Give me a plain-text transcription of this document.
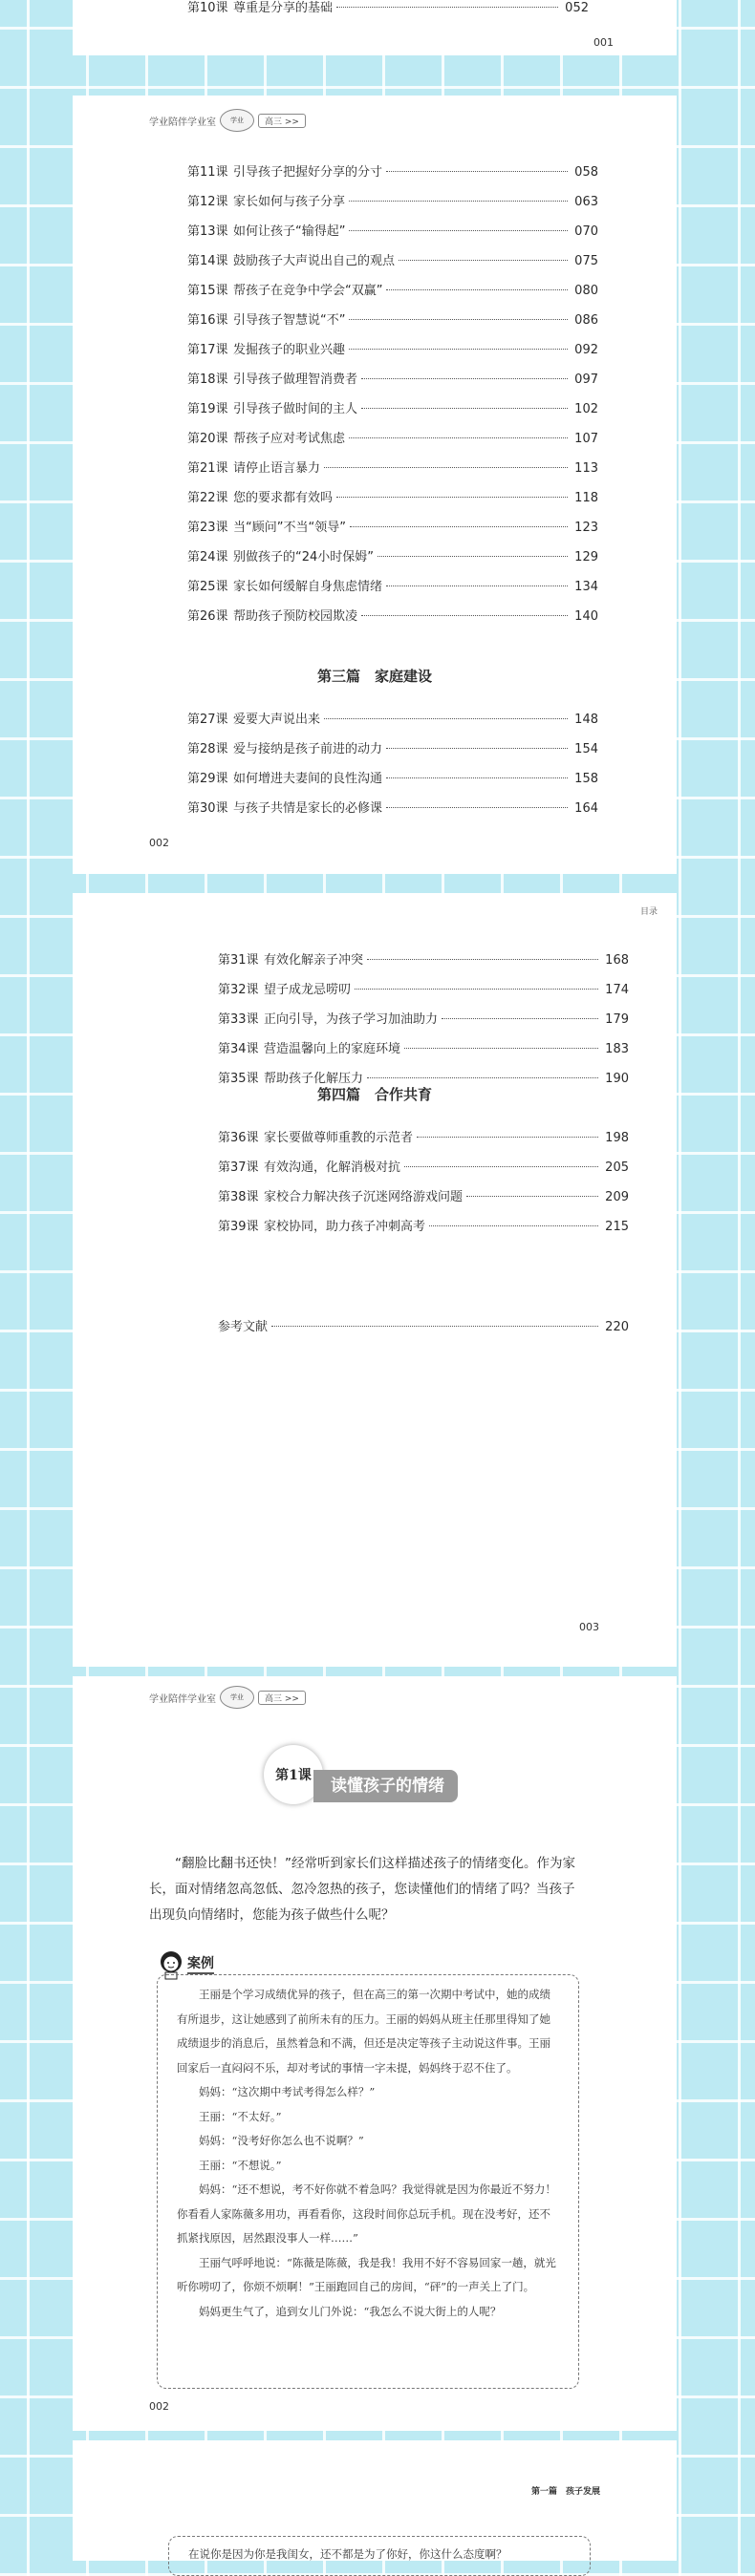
第10课 尊重是分享的基础	052
001
学业陪伴学业室	学业	高三 >>
第11课 引导孩子把握好分享的分寸	058
第12课 家长如何与孩子分享	063
第13课 如何让孩子“输得起”	070
第14课 鼓励孩子大声说出自己的观点	075
第15课 帮孩子在竞争中学会“双赢”	080
第16课 引导孩子智慧说“不”	086
第17课 发掘孩子的职业兴趣	092
第18课 引导孩子做理智消费者	097
第19课 引导孩子做时间的主人	102
第20课 帮孩子应对考试焦虑	107
第21课 请停止语言暴力	113
第22课 您的要求都有效吗	118
第23课 当“顾问”不当“领导”	123
第24课 别做孩子的“24小时保姆”	129
第25课 家长如何缓解自身焦虑情绪	134
第26课 帮助孩子预防校园欺凌	140
第三篇　家庭建设
第27课 爱要大声说出来	148
第28课 爱与接纳是孩子前进的动力	154
第29课 如何增进夫妻间的良性沟通	158
第30课 与孩子共情是家长的必修课	164
002
目录
第31课 有效化解亲子冲突	168
第32课 望子成龙忌唠叨	174
第33课 正向引导，为孩子学习加油助力	179
第34课 营造温馨向上的家庭环境	183
第35课 帮助孩子化解压力	190
第四篇　合作共育
第36课 家长要做尊师重教的示范者	198
第37课 有效沟通，化解消极对抗	205
第38课 家校合力解决孩子沉迷网络游戏问题	209
第39课 家校协同，助力孩子冲刺高考	215
参考文献	220
003
学业陪伴学业室	学业	高三 >>
第1课
读懂孩子的情绪
“翻脸比翻书还快！”经常听到家长们这样描述孩子的情绪变化。作为家长，面对情绪忽高忽低、忽冷忽热的孩子，您读懂他们的情绪了吗？当孩子出现负向情绪时，您能为孩子做些什么呢？
案例

王丽是个学习成绩优异的孩子，但在高三的第一次期中考试中，她的成绩有所退步，这让她感到了前所未有的压力。王丽的妈妈从班主任那里得知了她成绩退步的消息后，虽然着急和不满，但还是决定等孩子主动说这件事。王丽回家后一直闷闷不乐，却对考试的事情一字未提，妈妈终于忍不住了。

妈妈：“这次期中考试考得怎么样？”

王丽：“不太好。”

妈妈：“没考好你怎么也不说啊？”

王丽：“不想说。”

妈妈：“还不想说，考不好你就不着急吗？我觉得就是因为你最近不努力！你看看人家陈薇多用功，再看看你，这段时间你总玩手机。现在没考好，还不抓紧找原因，居然跟没事人一样……”

王丽气呼呼地说：“陈薇是陈薇，我是我！我用不好不容易回家一趟，就光听你唠叨了，你烦不烦啊！”王丽跑回自己的房间，“砰”的一声关上了门。

妈妈更生气了，追到女儿门外说：“我怎么不说大街上的人呢？

002
第一篇　孩子发展

在说你是因为你是我闺女，还不都是为了你好，你这什么态度啊？
